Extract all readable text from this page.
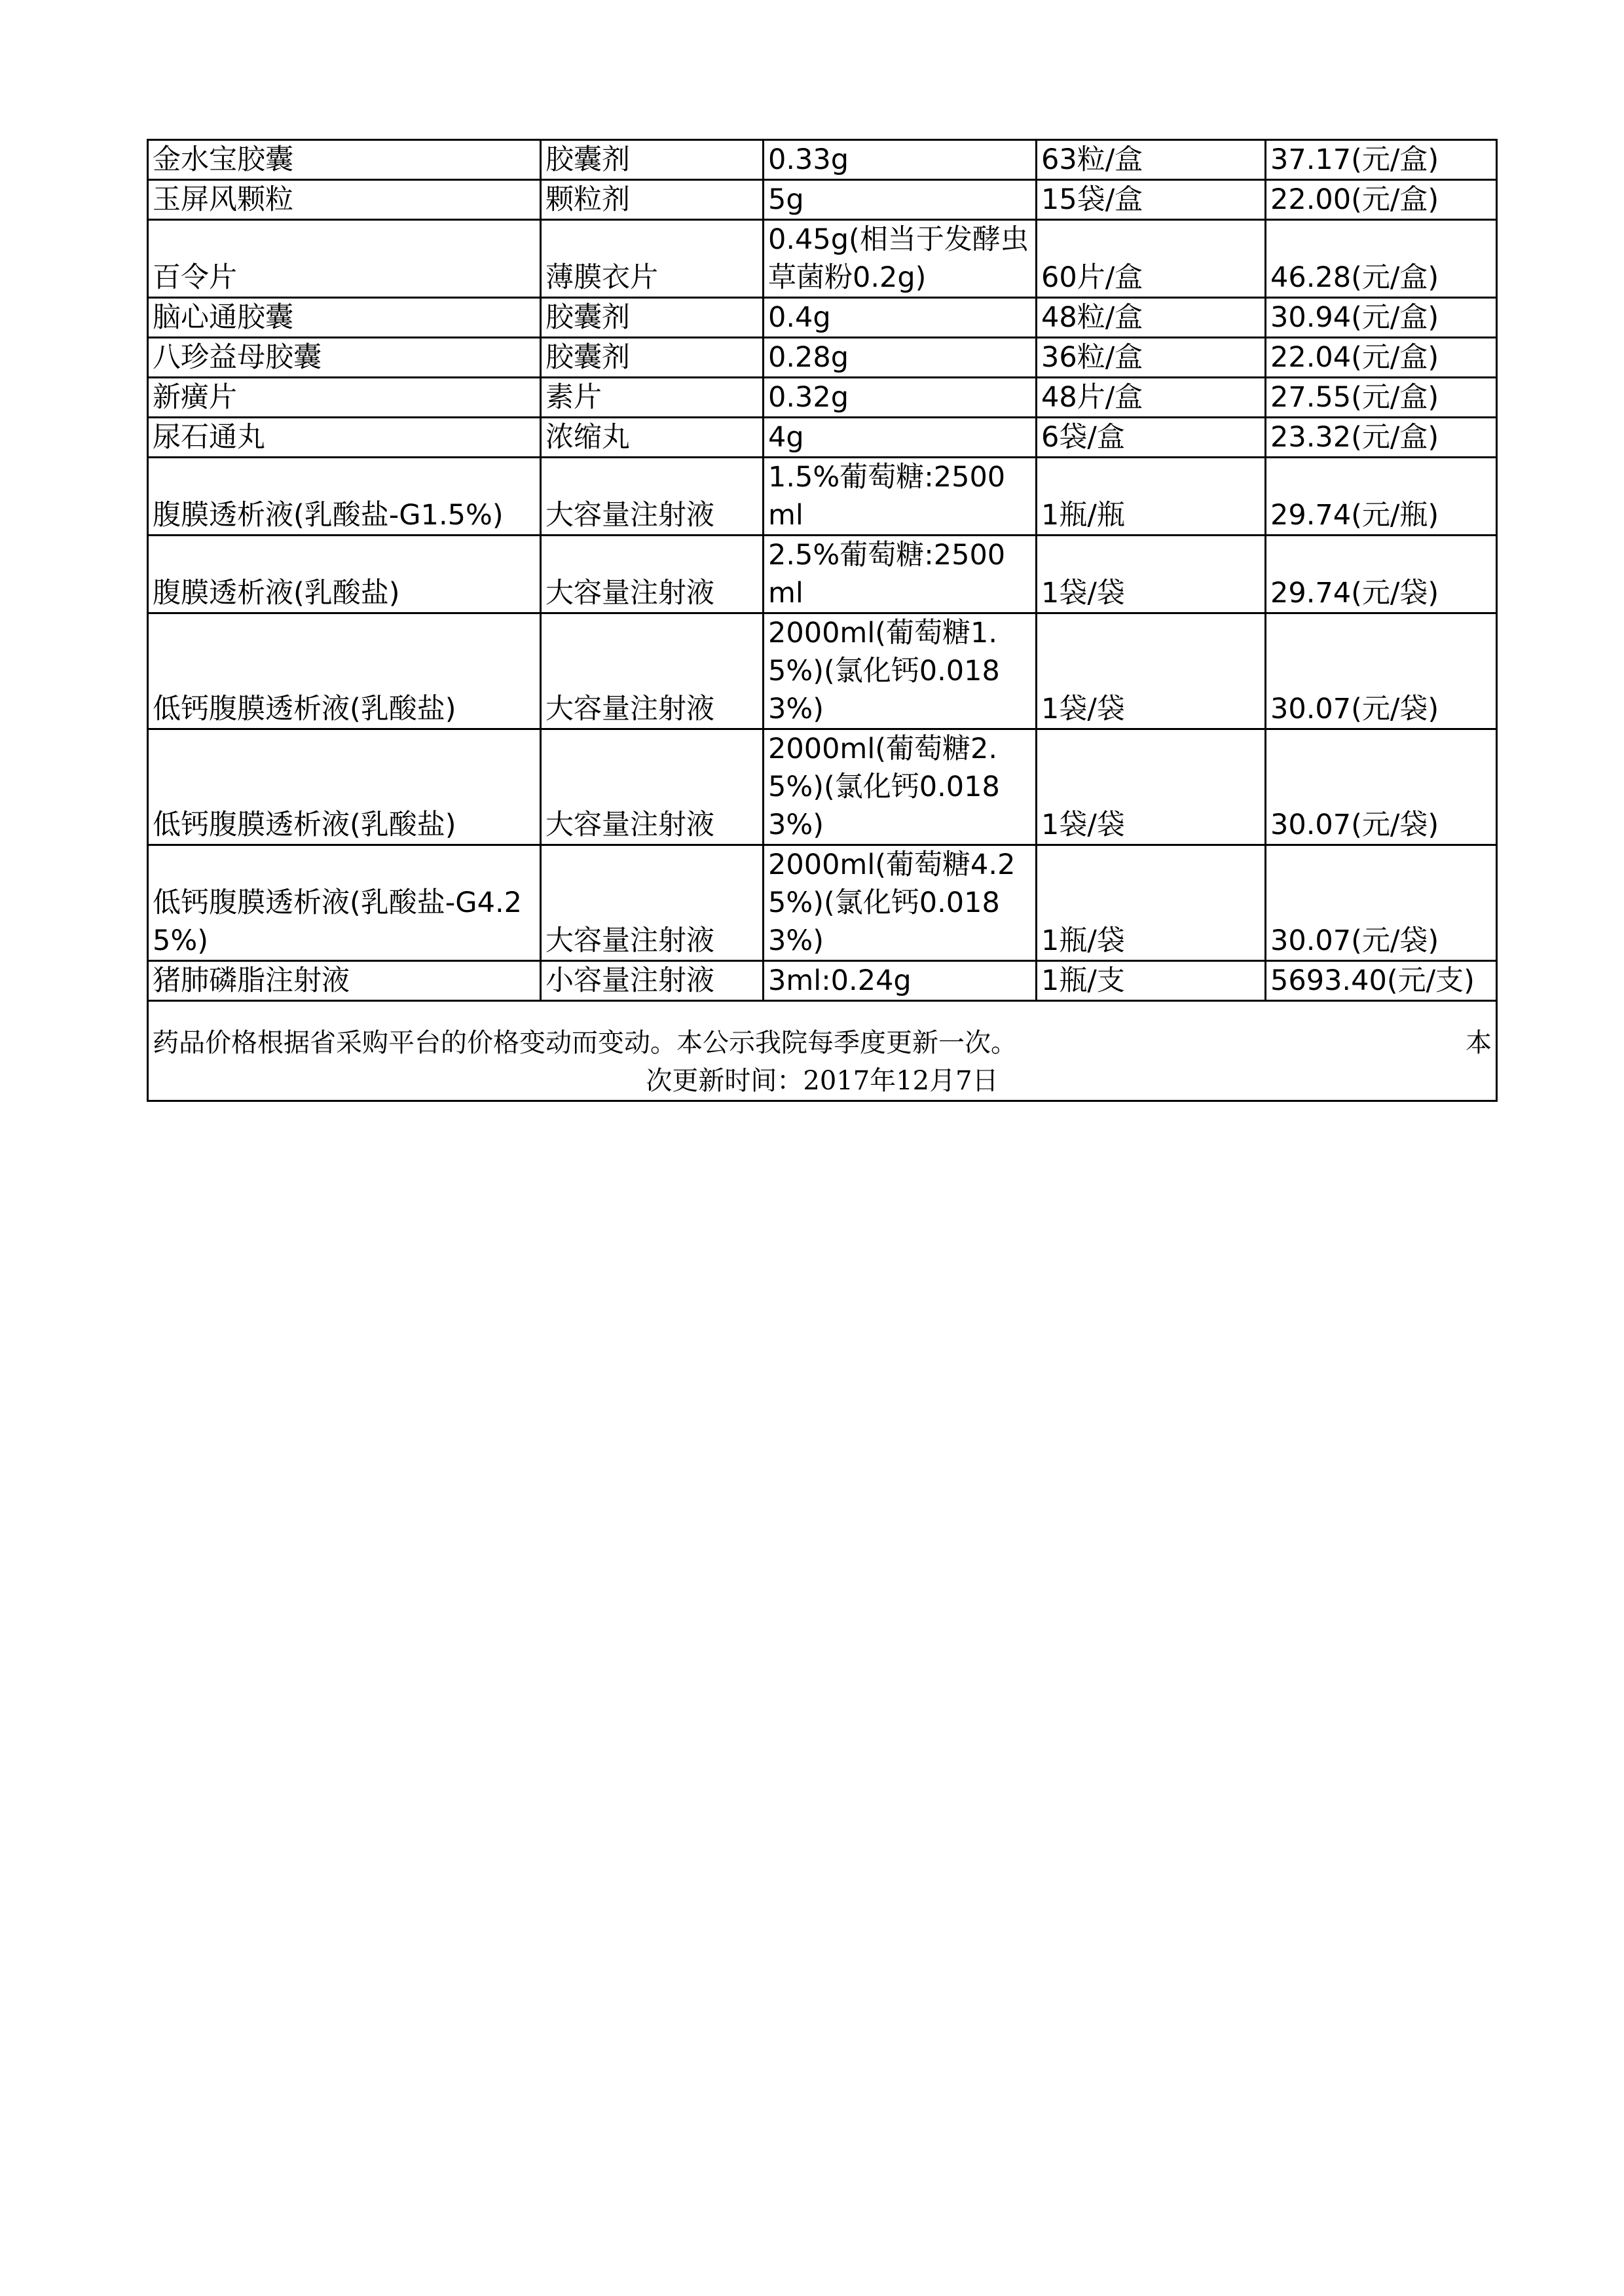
金水宝胶囊	胶囊剂	0.33g	63粒/盒	37.17(元/盒)
玉屏风颗粒	颗粒剂	5g	15袋/盒	22.00(元/盒)
百令片	薄膜衣片	0.45g(相当于发酵虫草菌粉0.2g)	60片/盒	46.28(元/盒)
脑心通胶囊	胶囊剂	0.4g	48粒/盒	30.94(元/盒)
八珍益母胶囊	胶囊剂	0.28g	36粒/盒	22.04(元/盒)
新癀片	素片	0.32g	48片/盒	27.55(元/盒)
尿石通丸	浓缩丸	4g	6袋/盒	23.32(元/盒)
腹膜透析液(乳酸盐-G1.5%)	大容量注射液	1.5%葡萄糖:2500ml	1瓶/瓶	29.74(元/瓶)
腹膜透析液(乳酸盐)	大容量注射液	2.5%葡萄糖:2500ml	1袋/袋	29.74(元/袋)
低钙腹膜透析液(乳酸盐)	大容量注射液	2000ml(葡萄糖1.5%)(氯化钙0.0183%)	1袋/袋	30.07(元/袋)
低钙腹膜透析液(乳酸盐)	大容量注射液	2000ml(葡萄糖2.5%)(氯化钙0.0183%)	1袋/袋	30.07(元/袋)
低钙腹膜透析液(乳酸盐-G4.25%)	大容量注射液	2000ml(葡萄糖4.25%)(氯化钙0.0183%)	1瓶/袋	30.07(元/袋)
猪肺磷脂注射液	小容量注射液	3ml:0.24g	1瓶/支	5693.40(元/支)

药品价格根据省采购平台的价格变动而变动。本公示我院每季度更新一次。 本
次更新时间：2017年12月7日				
